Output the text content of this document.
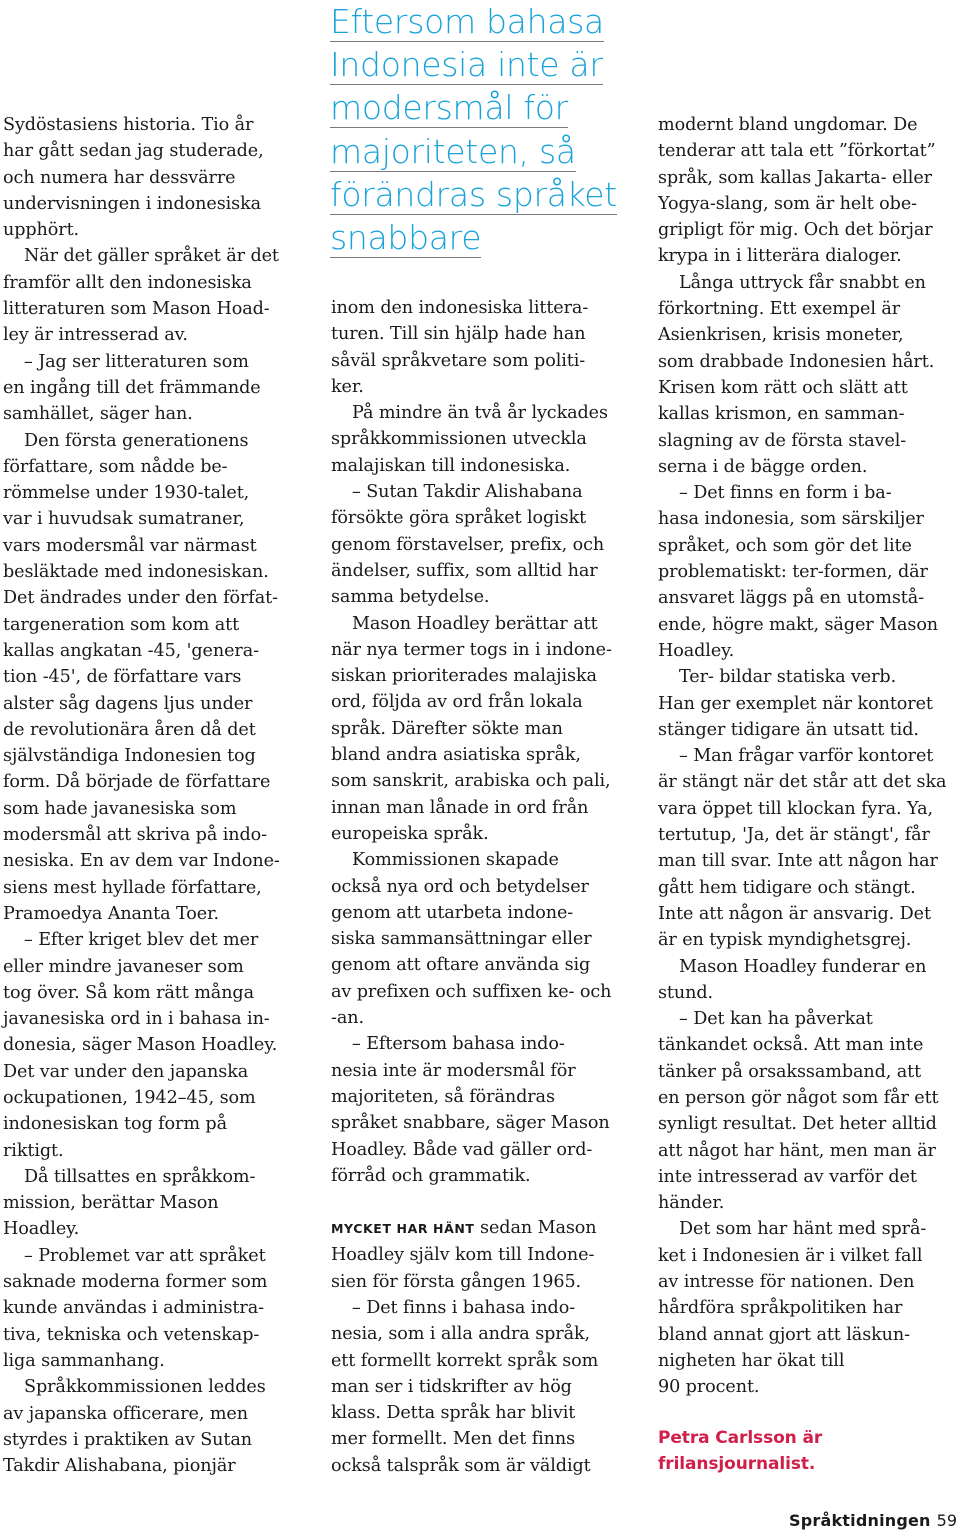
Eftersom bahasa Indonesia inte är modersmål för majoriteten, så förändras språket snabbare

Sydöstasiens historia. Tio år
har gått sedan jag studerade,
och numera har dessvärre
undervisningen i indonesiska
upphört.

När det gäller språket är det
framför allt den indonesiska
litteraturen som Mason Hoad-
ley är intresserad av.

– Jag ser litteraturen som
en ingång till det främmande
samhället, säger han.

Den första generationens
författare, som nådde be-
römmelse under 1930-talet,
var i huvudsak sumatraner,
vars modersmål var närmast
besläktade med indonesiskan.
Det ändrades under den förfat-
targeneration som kom att
kallas angkatan -45, 'genera-
tion -45', de författare vars
alster såg dagens ljus under
de revolutionära åren då det
självständiga Indonesien tog
form. Då började de författare
som hade javanesiska som
modersmål att skriva på indo-
nesiska. En av dem var Indone-
siens mest hyllade författare,
Pramoedya Ananta Toer.

– Efter kriget blev det mer
eller mindre javaneser som
tog över. Så kom rätt många
javanesiska ord in i bahasa in-
donesia, säger Mason Hoadley.
Det var under den japanska
ockupationen, 1942–45, som
indonesiskan tog form på
riktigt.

Då tillsattes en språkkom-
mission, berättar Mason
Hoadley.

– Problemet var att språket
saknade moderna former som
kunde användas i administra-
tiva, tekniska och vetenskap-
liga sammanhang.

Språkkommissionen leddes
av japanska officerare, men
styrdes i praktiken av Sutan
Takdir Alishabana, pionjär

inom den indonesiska littera-
turen. Till sin hjälp hade han
såväl språkvetare som politi-
ker.

På mindre än två år lyckades
språkkommissionen utveckla
malajiskan till indonesiska.

– Sutan Takdir Alishabana
försökte göra språket logiskt
genom förstavelser, prefix, och
ändelser, suffix, som alltid har
samma betydelse.

Mason Hoadley berättar att
när nya termer togs in i indone-
siskan prioriterades malajiska
ord, följda av ord från lokala
språk. Därefter sökte man
bland andra asiatiska språk,
som sanskrit, arabiska och pali,
innan man lånade in ord från
europeiska språk.

Kommissionen skapade
också nya ord och betydelser
genom att utarbeta indone-
siska sammansättningar eller
genom att oftare använda sig
av prefixen och suffixen ke- och
-an.

– Eftersom bahasa indo-
nesia inte är modersmål för
majoriteten, så förändras
språket snabbare, säger Mason
Hoadley. Både vad gäller ord-
förråd och grammatik.

MYCKET HAR HÄNT sedan Mason
Hoadley själv kom till Indone-
sien för första gången 1965.

– Det finns i bahasa indo-
nesia, som i alla andra språk,
ett formellt korrekt språk som
man ser i tidskrifter av hög
klass. Detta språk har blivit
mer formellt. Men det finns
också talspråk som är väldigt

modernt bland ungdomar. De
tenderar att tala ett ”förkortat”
språk, som kallas Jakarta- eller
Yogya-slang, som är helt obe-
gripligt för mig. Och det börjar
krypa in i litterära dialoger.

Långa uttryck får snabbt en
förkortning. Ett exempel är
Asienkrisen, krisis moneter,
som drabbade Indonesien hårt.
Krisen kom rätt och slätt att
kallas krismon, en samman-
slagning av de första stavel-
serna i de bägge orden.

– Det finns en form i ba-
hasa indonesia, som särskiljer
språket, och som gör det lite
problematiskt: ter-formen, där
ansvaret läggs på en utomstå-
ende, högre makt, säger Mason
Hoadley.

Ter- bildar statiska verb.
Han ger exemplet när kontoret
stänger tidigare än utsatt tid.

– Man frågar varför kontoret
är stängt när det står att det ska
vara öppet till klockan fyra. Ya,
tertutup, 'Ja, det är stängt', får
man till svar. Inte att någon har
gått hem tidigare och stängt.
Inte att någon är ansvarig. Det
är en typisk myndighetsgrej.

Mason Hoadley funderar en
stund.

– Det kan ha påverkat
tänkandet också. Att man inte
tänker på orsakssamband, att
en person gör något som får ett
synligt resultat. Det heter alltid
att något har hänt, men man är
inte intresserad av varför det
händer.

Det som har hänt med språ-
ket i Indonesien är i vilket fall
av intresse för nationen. Den
hårdföra språkpolitiken har
bland annat gjort att läskun-
nigheten har ökat till
90 procent.

Petra Carlsson är
frilansjournalist.

Språktidningen 59
